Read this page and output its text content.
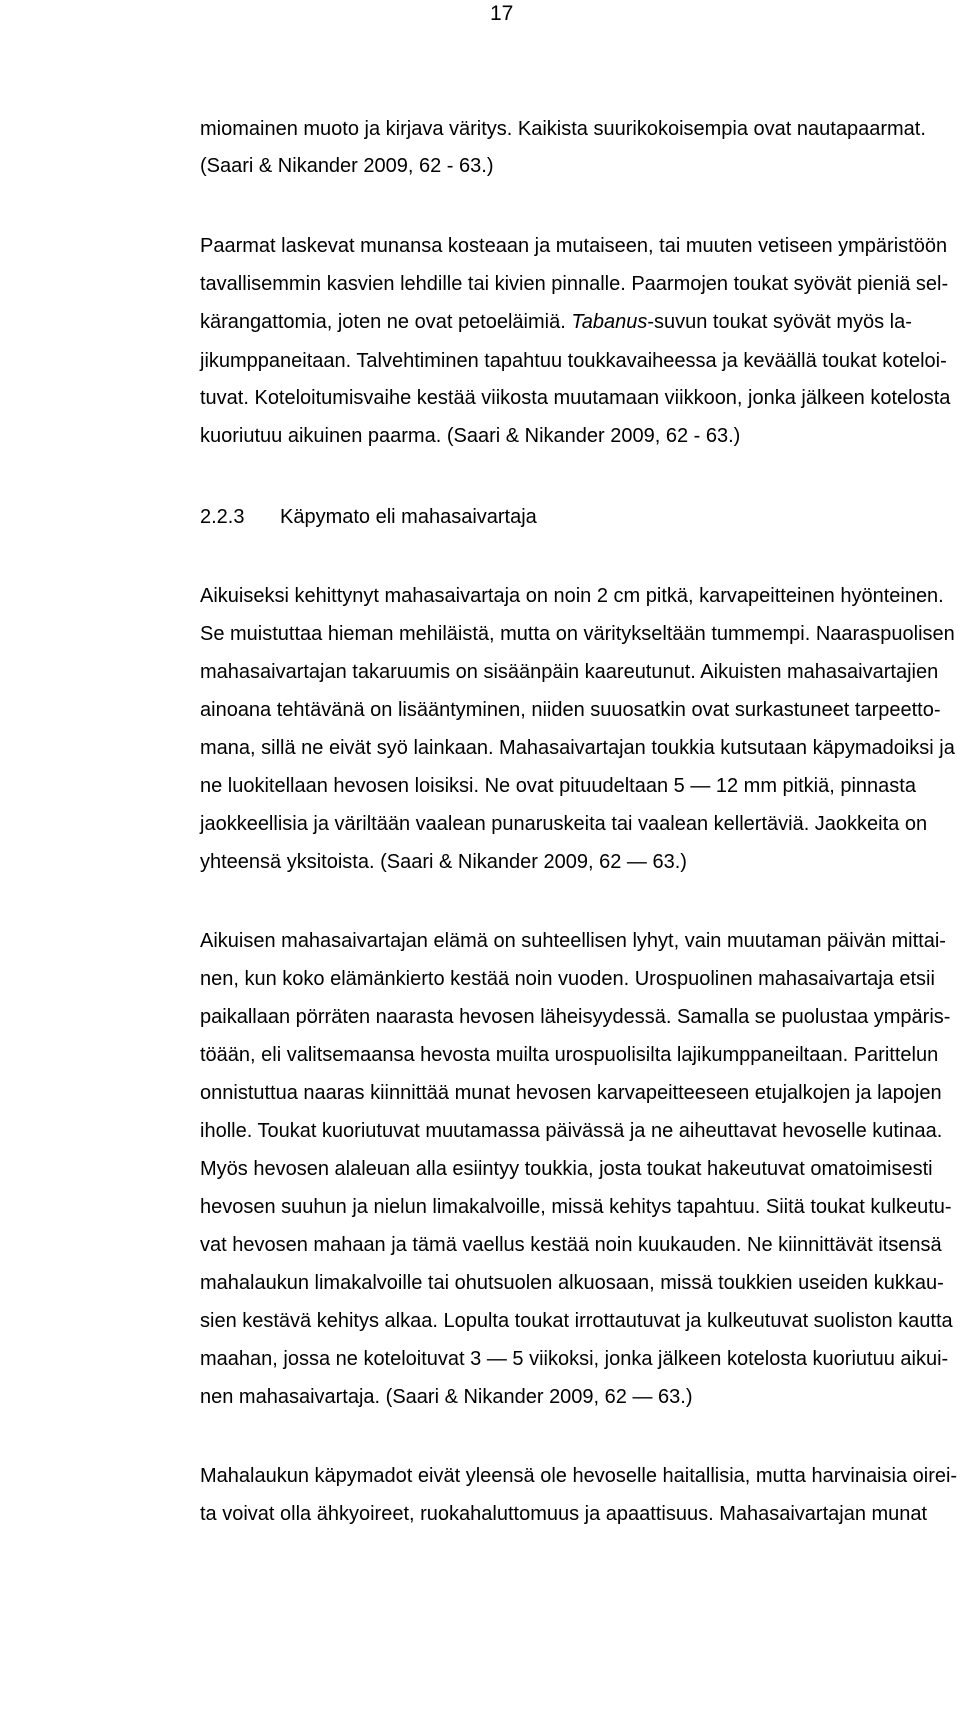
17
miomainen muoto ja kirjava väritys. Kaikista suurikokoisempia ovat nautapaarmat.
(Saari & Nikander 2009, 62 - 63.)
Paarmat laskevat munansa kosteaan ja mutaiseen, tai muuten vetiseen ympäristöön
tavallisemmin kasvien lehdille tai kivien pinnalle. Paarmojen toukat syövät pieniä sel-
kärangattomia, joten ne ovat petoeläimiä. Tabanus-suvun toukat syövät myös la-
jikumppaneitaan. Talvehtiminen tapahtuu toukkavaiheessa ja keväällä toukat koteloi-
tuvat. Koteloitumisvaihe kestää viikosta muutamaan viikkoon, jonka jälkeen kotelosta
kuoriutuu aikuinen paarma. (Saari & Nikander 2009, 62 - 63.)
2.2.3 Käpymato eli mahasaivartaja
Aikuiseksi kehittynyt mahasaivartaja on noin 2 cm pitkä, karvapeitteinen hyönteinen.
Se muistuttaa hieman mehiläistä, mutta on väritykseltään tummempi. Naaraspuolisen
mahasaivartajan takaruumis on sisäänpäin kaareutunut. Aikuisten mahasaivartajien
ainoana tehtävänä on lisääntyminen, niiden suuosatkin ovat surkastuneet tarpeetto-
mana, sillä ne eivät syö lainkaan. Mahasaivartajan toukkia kutsutaan käpymadoiksi ja
ne luokitellaan hevosen loisiksi. Ne ovat pituudeltaan 5 — 12 mm pitkiä, pinnasta
jaokkeellisia ja väriltään vaalean punaruskeita tai vaalean kellertäviä. Jaokkeita on
yhteensä yksitoista. (Saari & Nikander 2009, 62 — 63.)
Aikuisen mahasaivartajan elämä on suhteellisen lyhyt, vain muutaman päivän mittai-
nen, kun koko elämänkierto kestää noin vuoden. Urospuolinen mahasaivartaja etsii
paikallaan pörräten naarasta hevosen läheisyydessä. Samalla se puolustaa ympäris-
töään, eli valitsemaansa hevosta muilta urospuolisilta lajikumppaneiltaan. Parittelun
onnistuttua naaras kiinnittää munat hevosen karvapeitteeseen etujalkojen ja lapojen
iholle. Toukat kuoriutuvat muutamassa päivässä ja ne aiheuttavat hevoselle kutinaa.
Myös hevosen alaleuan alla esiintyy toukkia, josta toukat hakeutuvat omatoimisesti
hevosen suuhun ja nielun limakalvoille, missä kehitys tapahtuu. Siitä toukat kulkeutu-
vat hevosen mahaan ja tämä vaellus kestää noin kuukauden. Ne kiinnittävät itsensä
mahalaukun limakalvoille tai ohutsuolen alkuosaan, missä toukkien useiden kukkau-
sien kestävä kehitys alkaa. Lopulta toukat irrottautuvat ja kulkeutuvat suoliston kautta
maahan, jossa ne koteloituvat 3 — 5 viikoksi, jonka jälkeen kotelosta kuoriutuu aikui-
nen mahasaivartaja. (Saari & Nikander 2009, 62 — 63.)
Mahalaukun käpymadot eivät yleensä ole hevoselle haitallisia, mutta harvinaisia oirei-
ta voivat olla ähkyoireet, ruokahaluttomuus ja apaattisuus. Mahasaivartajan munat
